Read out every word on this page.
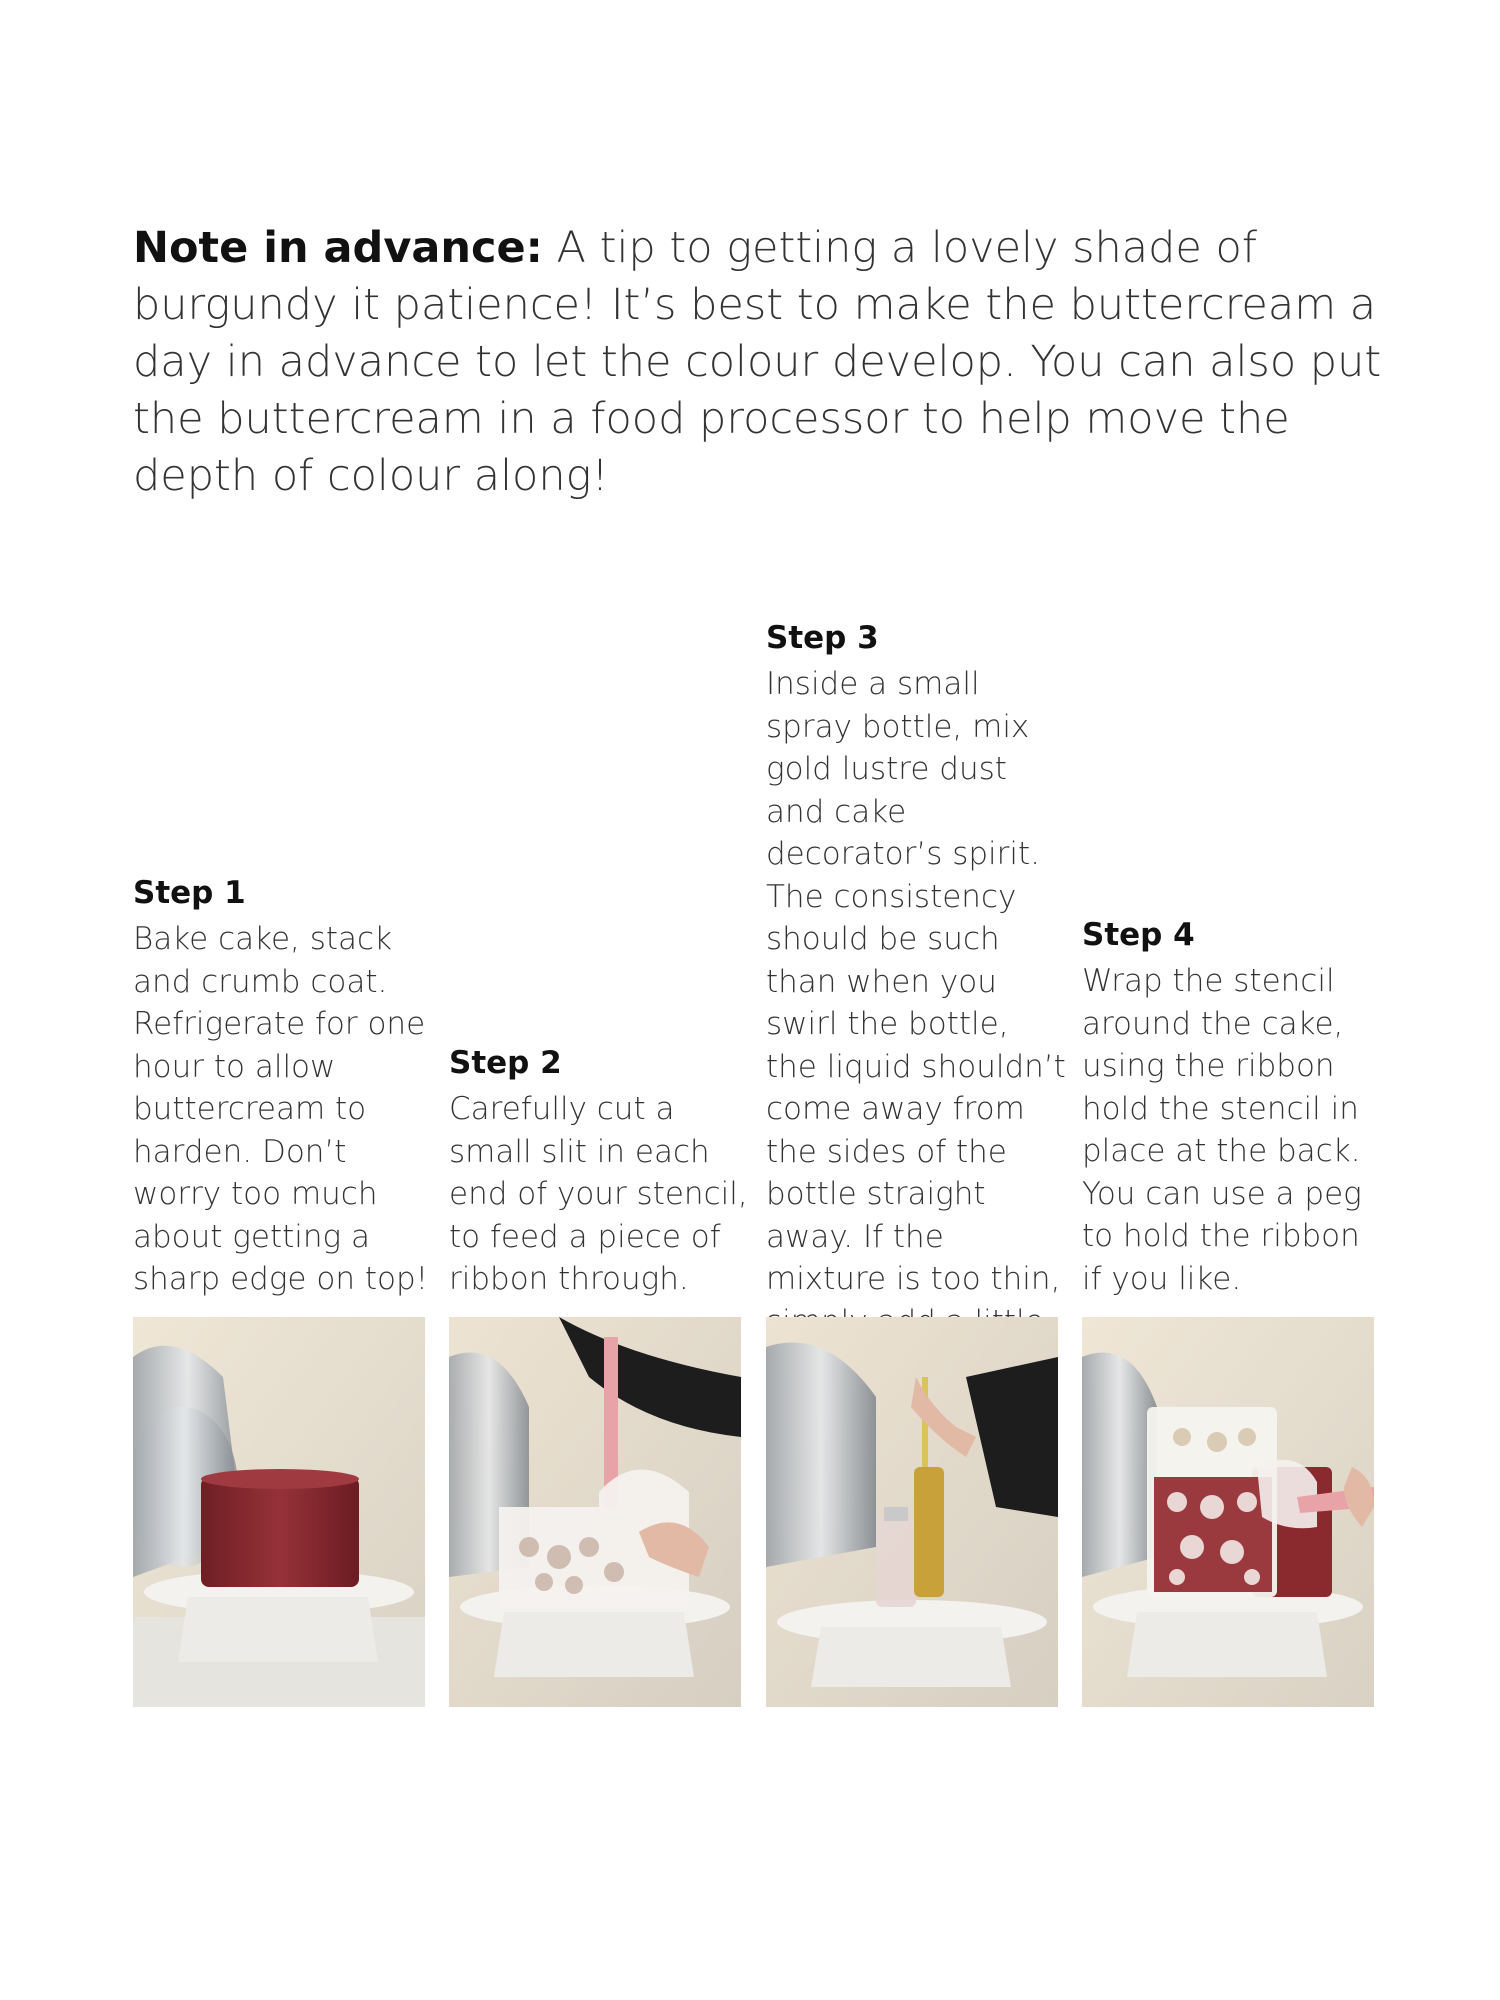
Note in advance: A tip to getting a lovely shade of burgundy it patience! It’s best to make the buttercream a day in advance to let the colour develop. You can also put the buttercream in a food processor to help move the depth of colour along!
Step 1
Bake cake, stack and crumb coat. Refrigerate for one hour to allow buttercream to harden. Don’t worry too much about getting a sharp edge on top!
Step 2
Carefully cut a small slit in each end of your stencil, to feed a piece of ribbon through.
Step 3
Inside a small spray bottle, mix gold lustre dust and cake decorator’s spirit. The consistency should be such than when you swirl the bottle, the liquid shouldn’t come away from the sides of the bottle straight away. If the mixture is too thin,
Step 4
Wrap the stencil around the cake, using the ribbon hold the stencil in place at the back. You can use a peg to hold the ribbon if you like.
